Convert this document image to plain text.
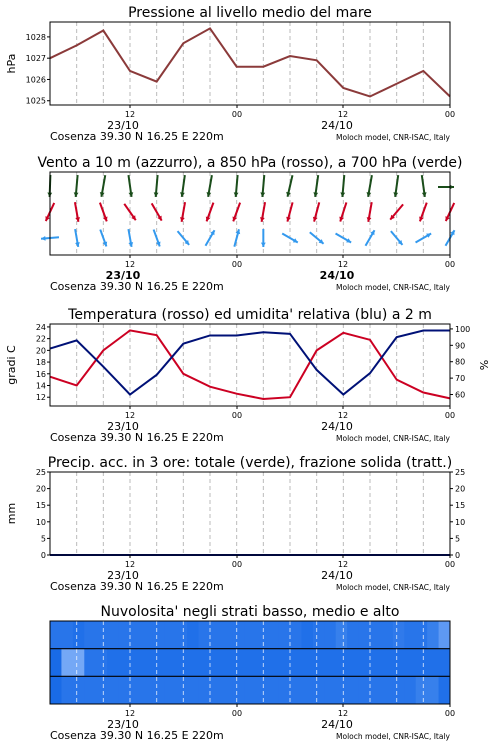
1025
1026
1027
1028
Pressione al livello medio del mare
hPa
12	00	12	00
23/10	24/10
Cosenza 39.30 N 16.25 E 220m	Moloch model, CNR-ISAC, Italy
Vento a 10 m (azzurro), a 850 hPa (rosso), a 700 hPa (verde)
12	00	12	00
23/10	24/10
Cosenza 39.30 N 16.25 E 220m	Moloch model, CNR-ISAC, Italy
12
14
16
18
20
22
24
60
70
80
90
100
Temperatura (rosso) ed umidita' relativa (blu) a 2 m
gradi C	%
12	00	12	00
23/10	24/10
Cosenza 39.30 N 16.25 E 220m	Moloch model, CNR-ISAC, Italy
0	0
5	5
10	10
15	15
20	20
25	25
Precip. acc. in 3 ore: totale (verde), frazione solida (tratt.)
mm
12	00	12	00
23/10	24/10
Cosenza 39.30 N 16.25 E 220m	Moloch model, CNR-ISAC, Italy
Nuvolosita' negli strati basso, medio e alto
12	00	12	00
23/10	24/10
Cosenza 39.30 N 16.25 E 220m	Moloch model, CNR-ISAC, Italy
